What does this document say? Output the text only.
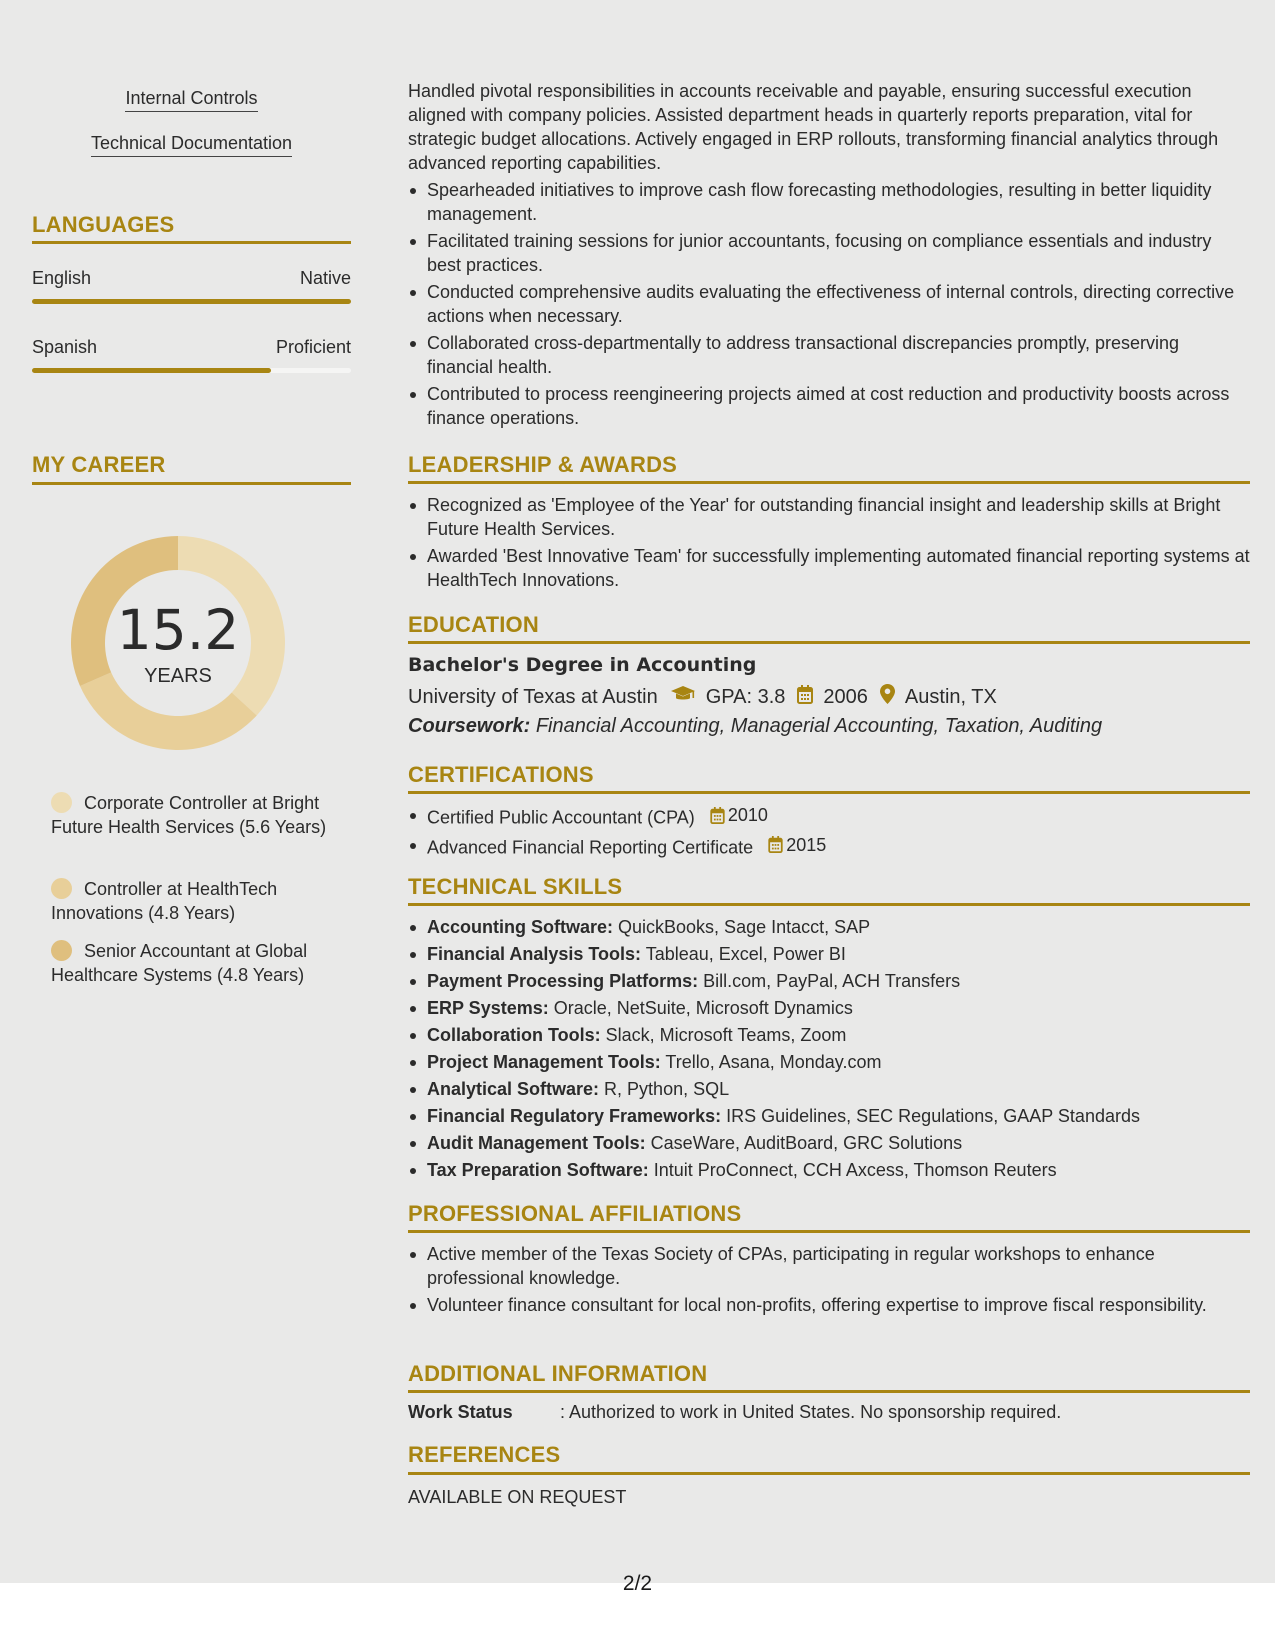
Internal Controls
Technical Documentation
LANGUAGES
English	Native
Spanish	Proficient
MY CAREER
15.2
YEARS
Corporate Controller at Bright Future Health Services (5.6 Years)
Controller at HealthTech Innovations (4.8 Years)
Senior Accountant at Global Healthcare Systems (4.8 Years)
Handled pivotal responsibilities in accounts receivable and payable, ensuring successful execution aligned with company policies. Assisted department heads in quarterly reports preparation, vital for strategic budget allocations. Actively engaged in ERP rollouts, transforming financial analytics through advanced reporting capabilities.
Spearheaded initiatives to improve cash flow forecasting methodologies, resulting in better liquidity management.
Facilitated training sessions for junior accountants, focusing on compliance essentials and industry best practices.
Conducted comprehensive audits evaluating the effectiveness of internal controls, directing corrective actions when necessary.
Collaborated cross-departmentally to address transactional discrepancies promptly, preserving financial health.
Contributed to process reengineering projects aimed at cost reduction and productivity boosts across finance operations.
LEADERSHIP & AWARDS
Recognized as 'Employee of the Year' for outstanding financial insight and leadership skills at Bright Future Health Services.
Awarded 'Best Innovative Team' for successfully implementing automated financial reporting systems at HealthTech Innovations.
EDUCATION
Bachelor's Degree in Accounting
University of Texas at Austin GPA: 3.8 2006 Austin, TX
Coursework: Financial Accounting, Managerial Accounting, Taxation, Auditing
CERTIFICATIONS
Certified Public Accountant (CPA) 2010
Advanced Financial Reporting Certificate 2015
TECHNICAL SKILLS
Accounting Software: QuickBooks, Sage Intacct, SAP
Financial Analysis Tools: Tableau, Excel, Power BI
Payment Processing Platforms: Bill.com, PayPal, ACH Transfers
ERP Systems: Oracle, NetSuite, Microsoft Dynamics
Collaboration Tools: Slack, Microsoft Teams, Zoom
Project Management Tools: Trello, Asana, Monday.com
Analytical Software: R, Python, SQL
Financial Regulatory Frameworks: IRS Guidelines, SEC Regulations, GAAP Standards
Audit Management Tools: CaseWare, AuditBoard, GRC Solutions
Tax Preparation Software: Intuit ProConnect, CCH Axcess, Thomson Reuters
PROFESSIONAL AFFILIATIONS
Active member of the Texas Society of CPAs, participating in regular workshops to enhance professional knowledge.
Volunteer finance consultant for local non-profits, offering expertise to improve fiscal responsibility.
ADDITIONAL INFORMATION
Work Status	: Authorized to work in United States. No sponsorship required.
REFERENCES
AVAILABLE ON REQUEST
2/2
